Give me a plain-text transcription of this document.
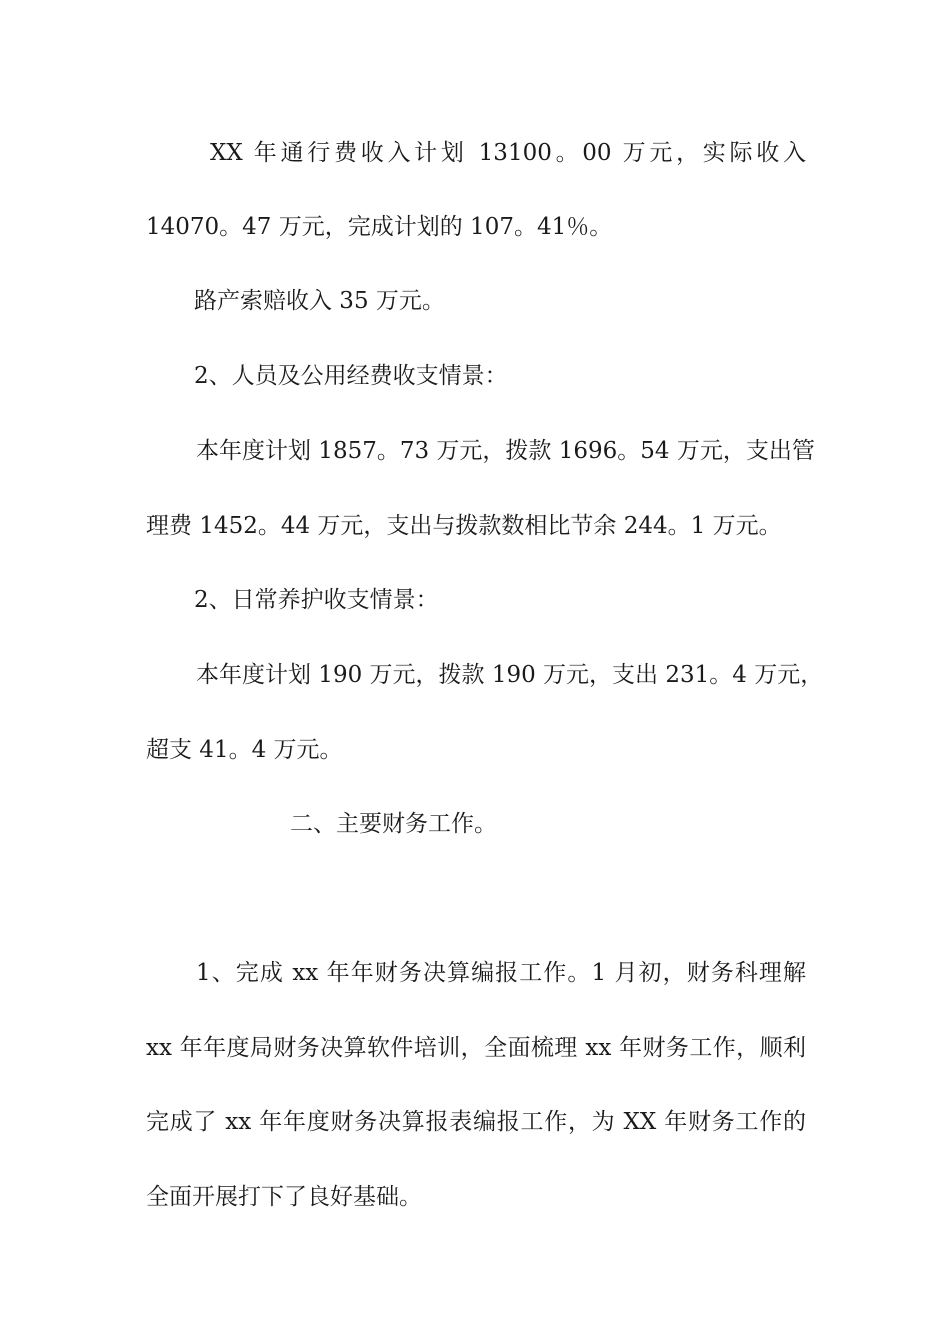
XX 年通行费收入计划 13100。00 万元，实际收入

14070。47 万元，完成计划的 107。41％。

路产索赔收入 35 万元。

2、人员及公用经费收支情景：

本年度计划 1857。73 万元，拨款 1696。54 万元，支出管

理费 1452。44 万元，支出与拨款数相比节余 244。1 万元。

2、日常养护收支情景：

本年度计划 190 万元，拨款 190 万元，支出 231。4 万元，

超支 41。4 万元。

二、主要财务工作。

1、完成 xx 年年财务决算编报工作。1 月初，财务科理解

xx 年年度局财务决算软件培训，全面梳理 xx 年财务工作，顺利

完成了 xx 年年度财务决算报表编报工作，为 XX 年财务工作的

全面开展打下了良好基础。
